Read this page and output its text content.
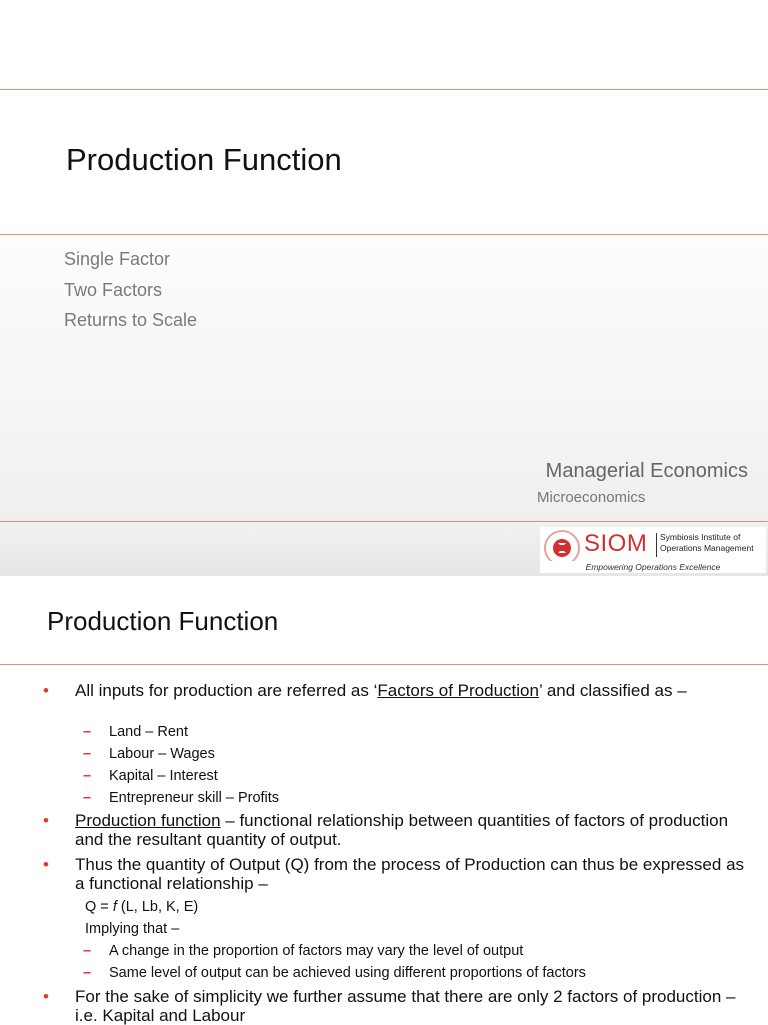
Production Function
Single Factor
Two Factors
Returns to Scale
Managerial Economics
Microeconomics
SIOM Symbiosis Institute of
Operations Management
Empowering Operations Excellence
Production Function
• All inputs for production are referred as ‘Factors of Production’ and classified as –
– Land – Rent
– Labour – Wages
– Kapital – Interest
– Entrepreneur skill – Profits
• Production function – functional relationship between quantities of factors of production and the resultant quantity of output.
• Thus the quantity of Output (Q) from the process of Production can thus be expressed as a functional relationship –
Q = f (L, Lb, K, E)
Implying that –
– A change in the proportion of factors may vary the level of output
– Same level of output can be achieved using different proportions of factors
• For the sake of simplicity we further assume that there are only 2 factors of production – i.e. Kapital and Labour
